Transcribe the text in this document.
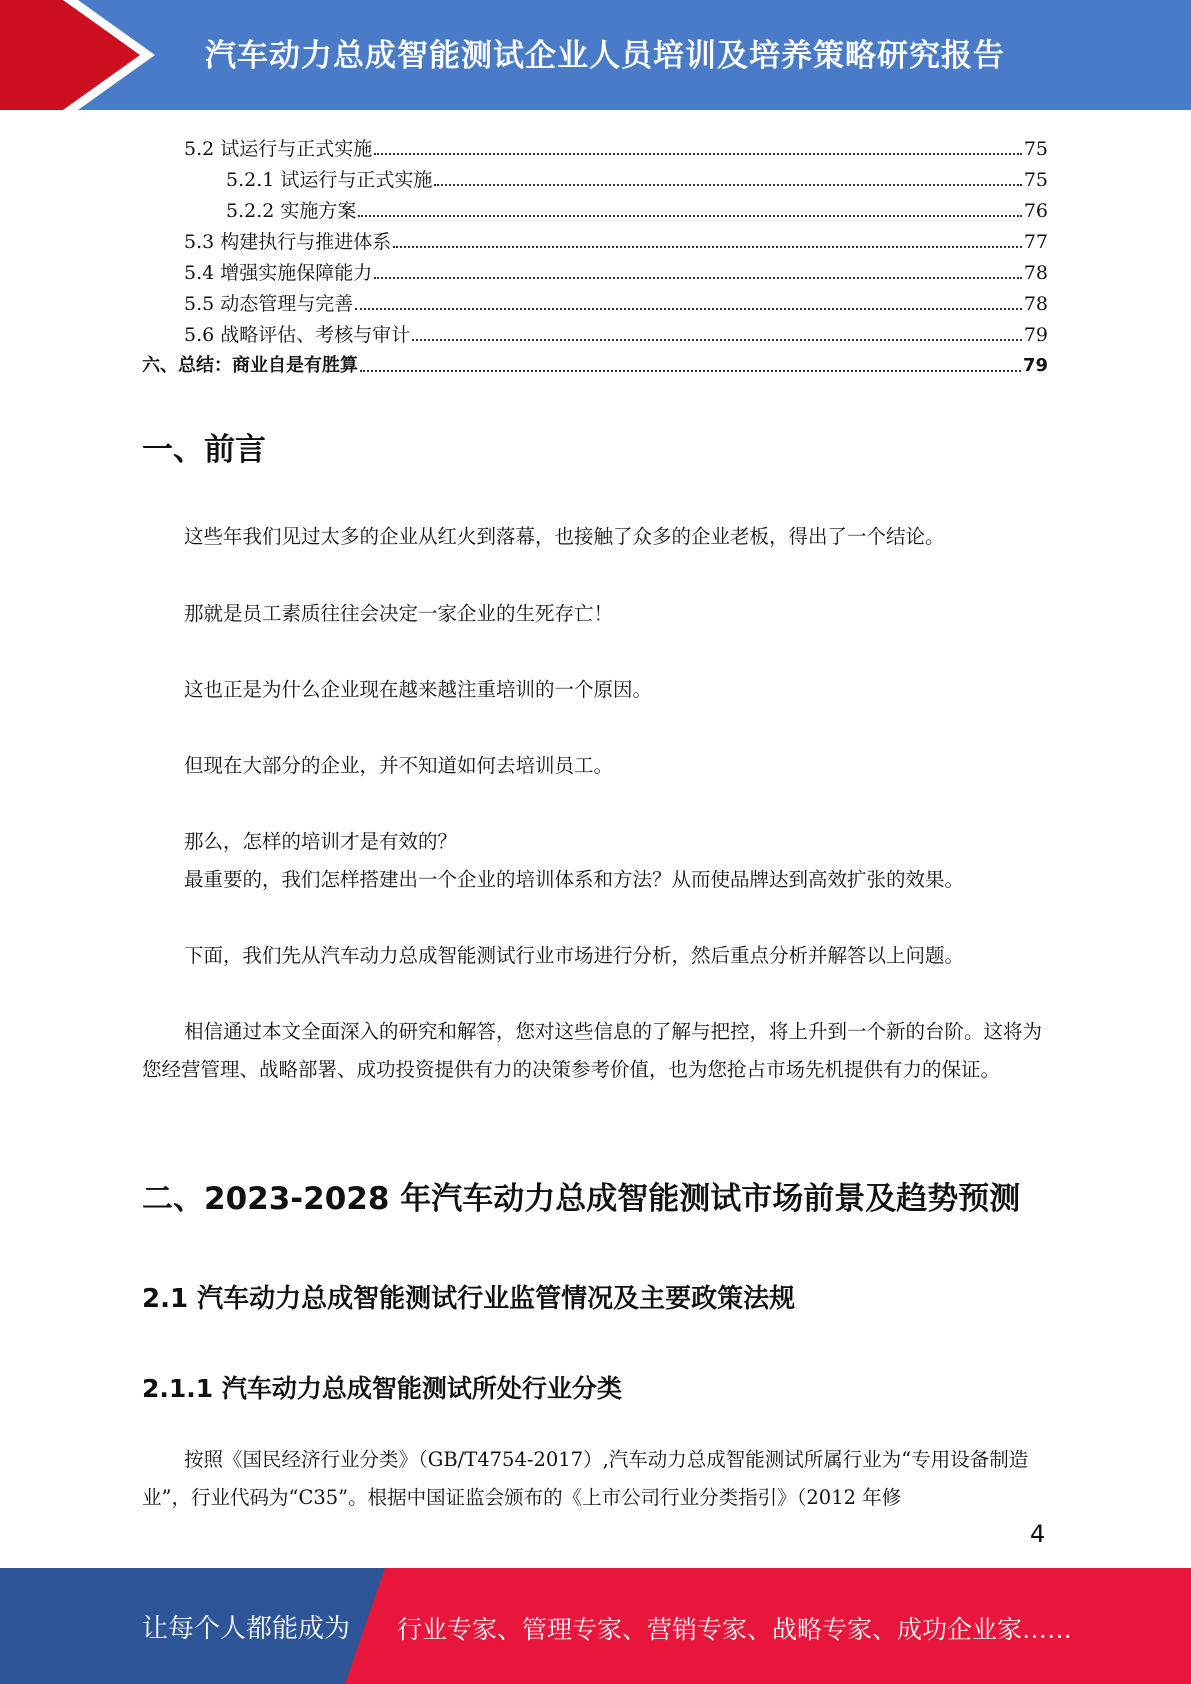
汽车动力总成智能测试企业人员培训及培养策略研究报告
5.2 试运行与正式实施	75
5.2.1 试运行与正式实施	75
5.2.2 实施方案	76
5.3 构建执行与推进体系	77
5.4 增强实施保障能力	78
5.5 动态管理与完善	78
5.6 战略评估、考核与审计	79
六、总结：商业自是有胜算	79
一、前言

这些年我们见过太多的企业从红火到落幕，也接触了众多的企业老板，得出了一个结论。

那就是员工素质往往会决定一家企业的生死存亡！

这也正是为什么企业现在越来越注重培训的一个原因。

但现在大部分的企业，并不知道如何去培训员工。

那么，怎样的培训才是有效的？

最重要的，我们怎样搭建出一个企业的培训体系和方法？从而使品牌达到高效扩张的效果。

下面，我们先从汽车动力总成智能测试行业市场进行分析，然后重点分析并解答以上问题。

相信通过本文全面深入的研究和解答，您对这些信息的了解与把控，将上升到一个新的台阶。这将为您经营管理、战略部署、成功投资提供有力的决策参考价值，也为您抢占市场先机提供有力的保证。

二、2023-2028 年汽车动力总成智能测试市场前景及趋势预测
2.1 汽车动力总成智能测试行业监管情况及主要政策法规
2.1.1 汽车动力总成智能测试所处行业分类

按照《国民经济行业分类》（GB/T4754-2017）,汽车动力总成智能测试所属行业为“专用设备制造业”，行业代码为“C35”。根据中国证监会颁布的《上市公司行业分类指引》（2012 年修

4
让每个人都能成为 行业专家、管理专家、营销专家、战略专家、成功企业家……
